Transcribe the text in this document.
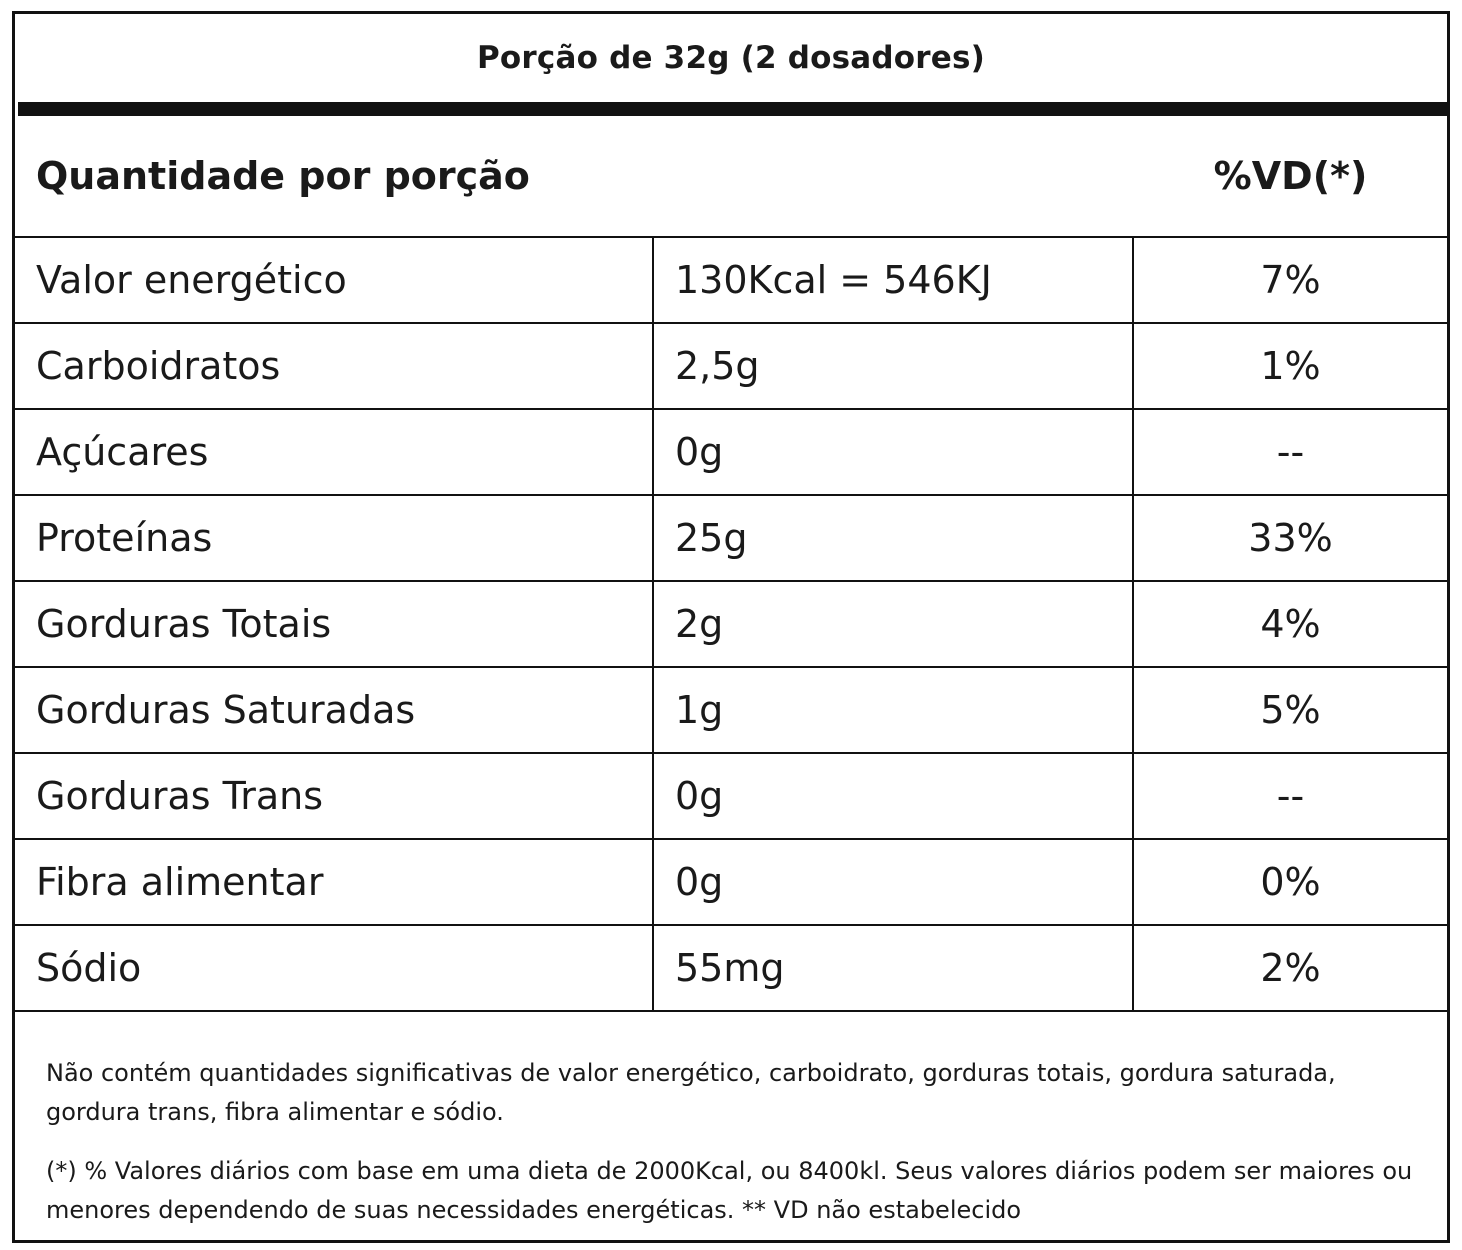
Porção de 32g (2 dosadores)
Quantidade por porção	%VD(*)
Valor energético	130Kcal = 546KJ	7%
Carboidratos	2,5g	1%
Açúcares	0g	--
Proteínas	25g	33%
Gorduras Totais	2g	4%
Gorduras Saturadas	1g	5%
Gorduras Trans	0g	--
Fibra alimentar	0g	0%
Sódio	55mg	2%

Não contém quantidades significativas de valor energético, carboidrato, gorduras totais, gordura saturada, gordura trans, fibra alimentar e sódio.

(*) % Valores diários com base em uma dieta de 2000Kcal, ou 8400kl. Seus valores diários podem ser maiores ou menores dependendo de suas necessidades energéticas. ** VD não estabelecido
